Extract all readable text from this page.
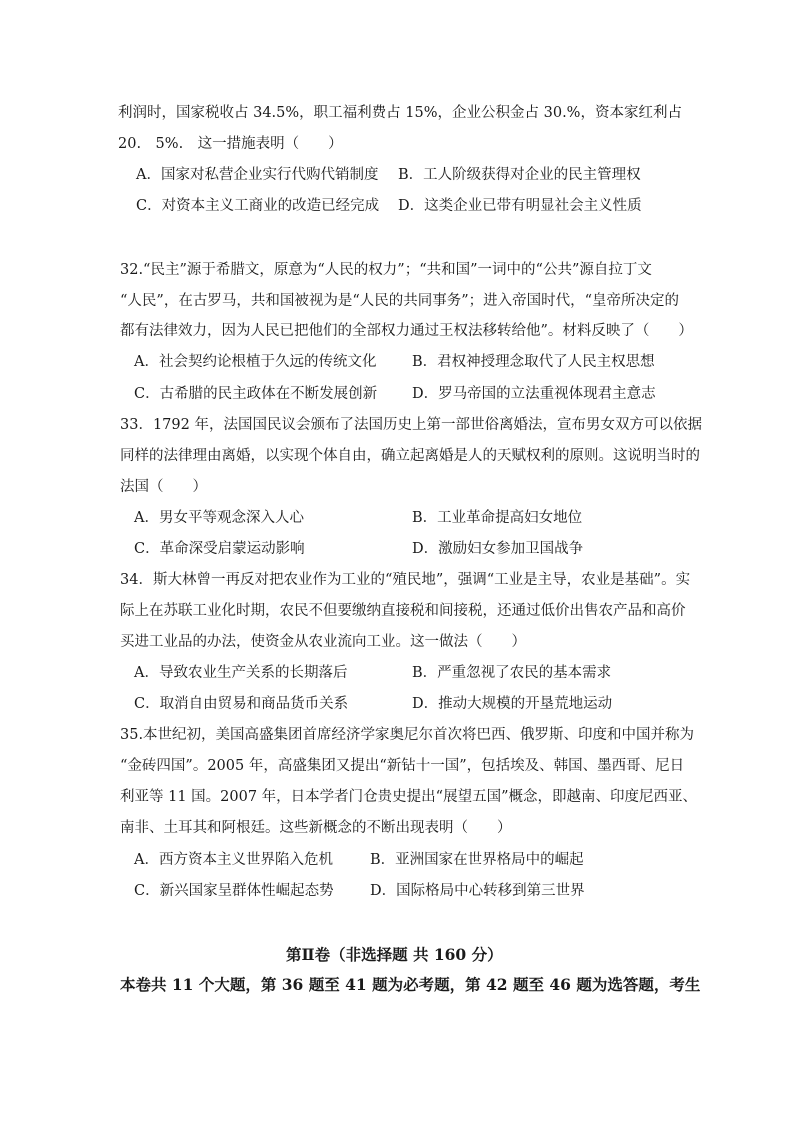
利润时，国家税收占 34.5%，职工福利费占 15%，企业公积金占 30.%，资本家红利占
20.　5%.　这一措施表明（　　）
A．国家对私营企业实行代购代销制度 B．工人阶级获得对企业的民主管理权
C．对资本主义工商业的改造已经完成 D．这类企业已带有明显社会主义性质
32.“民主”源于希腊文，原意为“人民的权力”；“共和国”一词中的“公共”源自拉丁文
“人民”，在古罗马，共和国被视为是“人民的共同事务”；进入帝国时代，“皇帝所决定的
都有法律效力，因为人民已把他们的全部权力通过王权法移转给他”。材料反映了（　　）
A．社会契约论根植于久远的传统文化 B．君权神授理念取代了人民主权思想
C．古希腊的民主政体在不断发展创新 D．罗马帝国的立法重视体现君主意志
33．1792 年，法国国民议会颁布了法国历史上第一部世俗离婚法，宣布男女双方可以依据
同样的法律理由离婚，以实现个体自由，确立起离婚是人的天赋权利的原则。这说明当时的
法国（　　）
A．男女平等观念深入人心	B．工业革命提高妇女地位
C．革命深受启蒙运动影响	D．激励妇女参加卫国战争
34．斯大林曾一再反对把农业作为工业的“殖民地”，强调“工业是主导，农业是基础”。实
际上在苏联工业化时期，农民不但要缴纳直接税和间接税，还通过低价出售农产品和高价
买进工业品的办法，使资金从农业流向工业。这一做法（　　）
A．导致农业生产关系的长期落后	B．严重忽视了农民的基本需求
C．取消自由贸易和商品货币关系	D．推动大规模的开垦荒地运动
35.本世纪初，美国高盛集团首席经济学家奥尼尔首次将巴西、俄罗斯、印度和中国并称为
“金砖四国”。2005 年，高盛集团又提出“新钻十一国”，包括埃及、韩国、墨西哥、尼日
利亚等 11 国。2007 年，日本学者门仓贵史提出“展望五国”概念，即越南、印度尼西亚、
南非、土耳其和阿根廷。这些新概念的不断出现表明（　　）
A．西方资本主义世界陷入危机	B．亚洲国家在世界格局中的崛起
C．新兴国家呈群体性崛起态势	D．国际格局中心转移到第三世界
第Ⅱ卷（非选择题 共 160 分）
本卷共 11 个大题，第 36 题至 41 题为必考题，第 42 题至 46 题为选答题，考生
